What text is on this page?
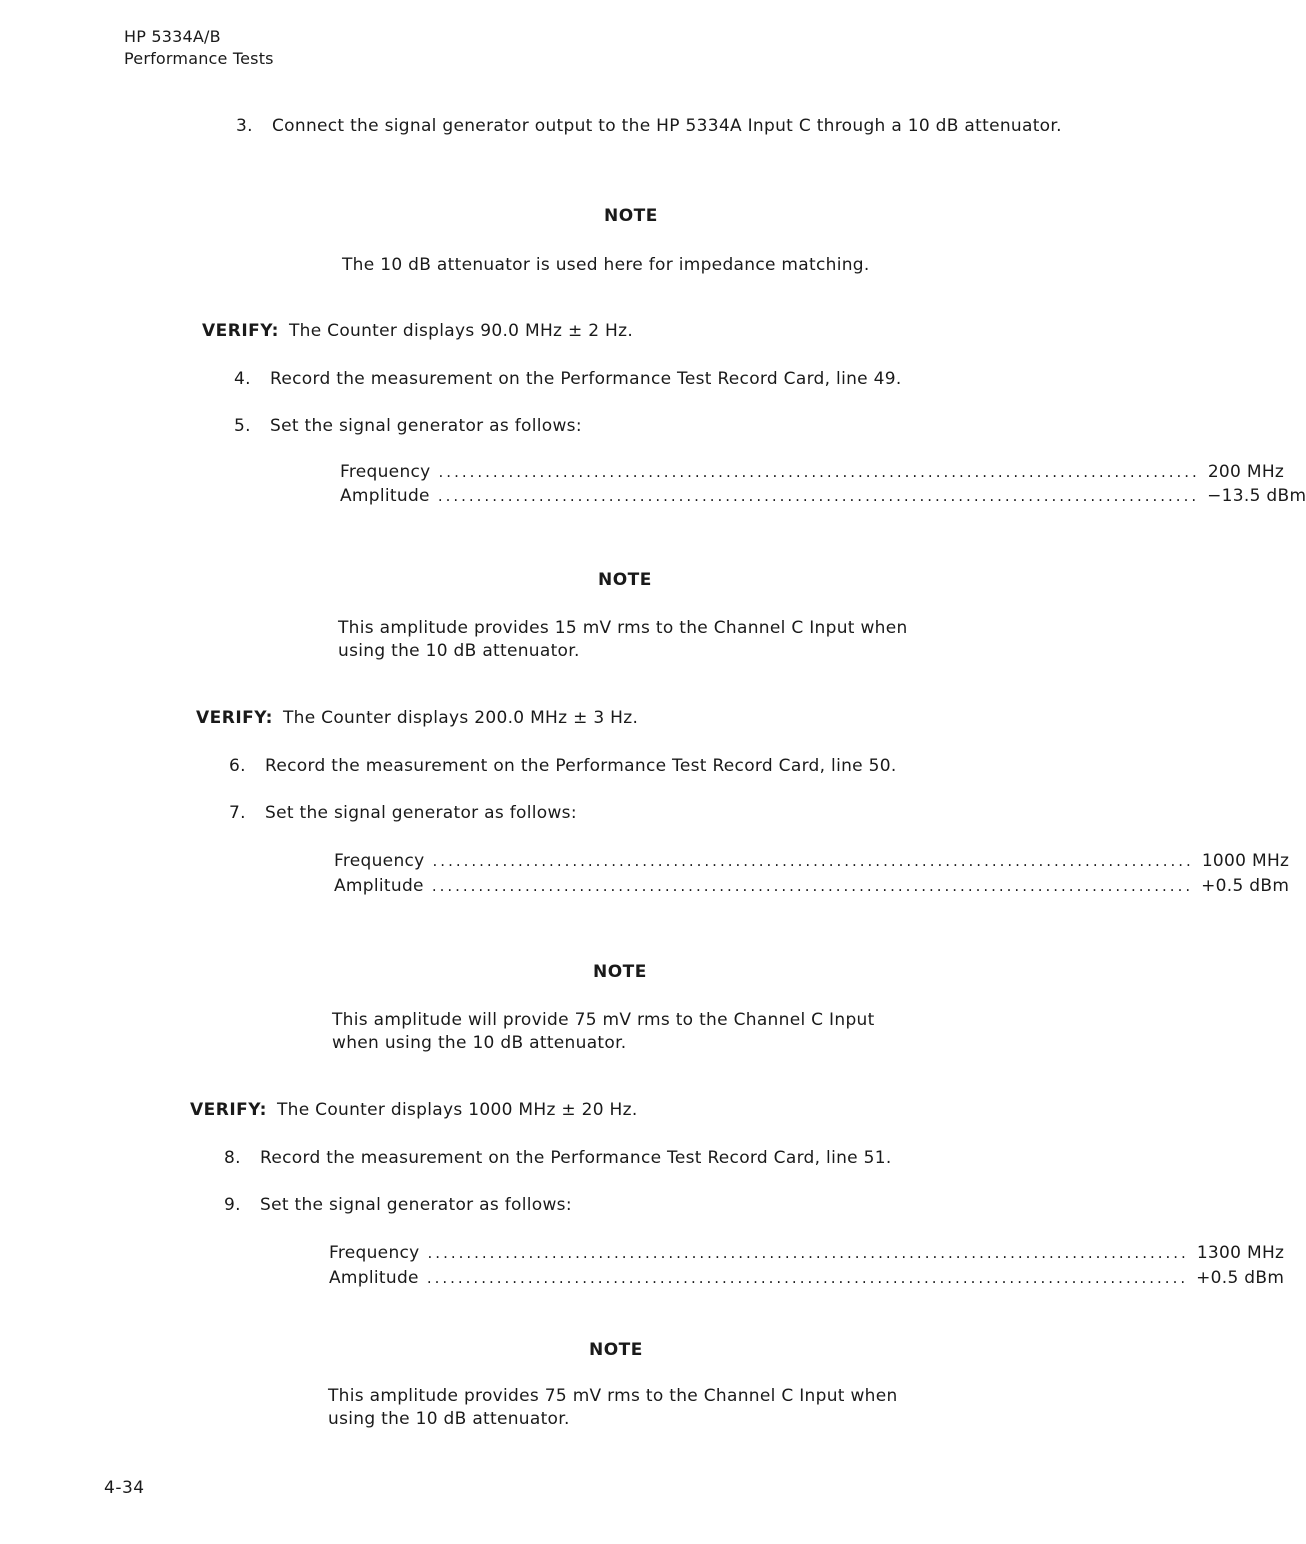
HP 5334A/B
Performance Tests
3. Connect the signal generator output to the HP 5334A Input C through a 10 dB attenuator.
NOTE
The 10 dB attenuator is used here for impedance matching.
VERIFY: The Counter displays 90.0 MHz ± 2 Hz.
4. Record the measurement on the Performance Test Record Card, line 49.
5. Set the signal generator as follows:
Frequency .................................................................................................. 200 MHz
Amplitude .................................................................................................. −13.5 dBm
NOTE
This amplitude provides 15 mV rms to the Channel C Input when using the 10 dB attenuator.
VERIFY: The Counter displays 200.0 MHz ± 3 Hz.
6. Record the measurement on the Performance Test Record Card, line 50.
7. Set the signal generator as follows:
Frequency .................................................................................................. 1000 MHz
Amplitude .................................................................................................. +0.5 dBm
NOTE
This amplitude will provide 75 mV rms to the Channel C Input when using the 10 dB attenuator.
VERIFY: The Counter displays 1000 MHz ± 20 Hz.
8. Record the measurement on the Performance Test Record Card, line 51.
9. Set the signal generator as follows:
Frequency .................................................................................................. 1300 MHz
Amplitude .................................................................................................. +0.5 dBm
NOTE
This amplitude provides 75 mV rms to the Channel C Input when using the 10 dB attenuator.
4-34
